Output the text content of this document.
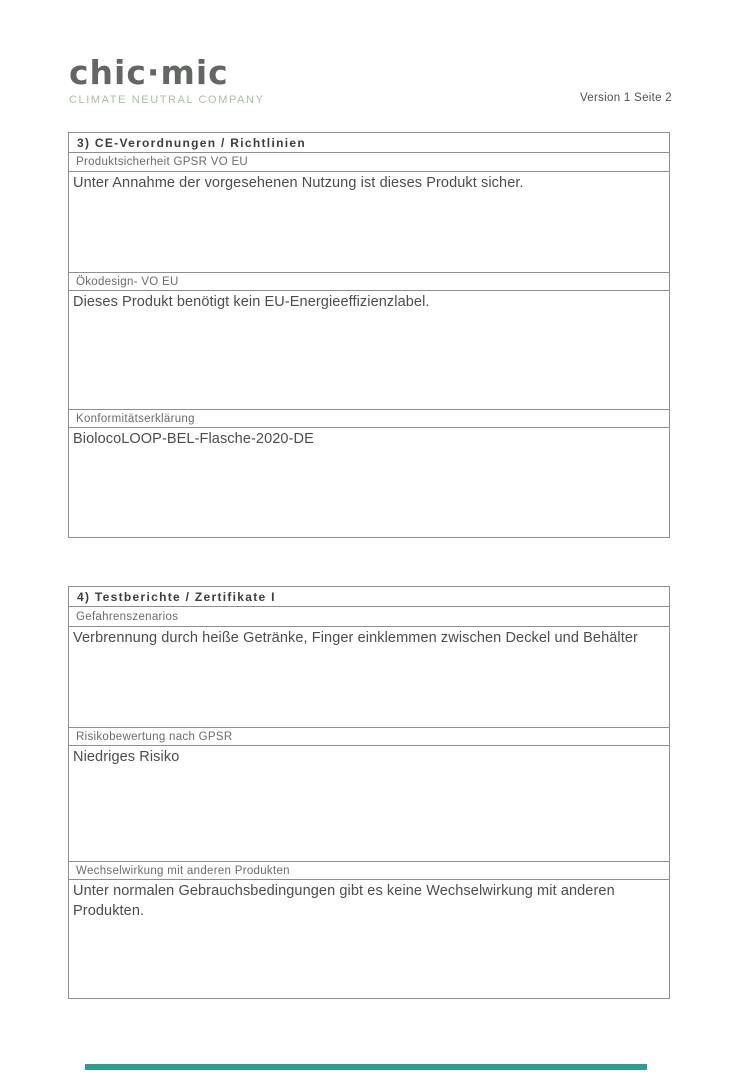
chic·mic
CLIMATE NEUTRAL COMPANY	Version 1 Seite 2
3) CE-Verordnungen / Richtlinien
Produktsicherheit GPSR VO EU
Unter Annahme der vorgesehenen Nutzung ist dieses Produkt sicher.
Ökodesign- VO EU
Dieses Produkt benötigt kein EU-Energieeffizienzlabel.
Konformitätserklärung
BiolocoLOOP-BEL-Flasche-2020-DE
4) Testberichte / Zertifikate I
Gefahrenszenarios
Verbrennung durch heiße Getränke, Finger einklemmen zwischen Deckel und Behälter
Risikobewertung nach GPSR
Niedriges Risiko
Wechselwirkung mit anderen Produkten
Unter normalen Gebrauchsbedingungen gibt es keine Wechselwirkung mit anderen Produkten.
